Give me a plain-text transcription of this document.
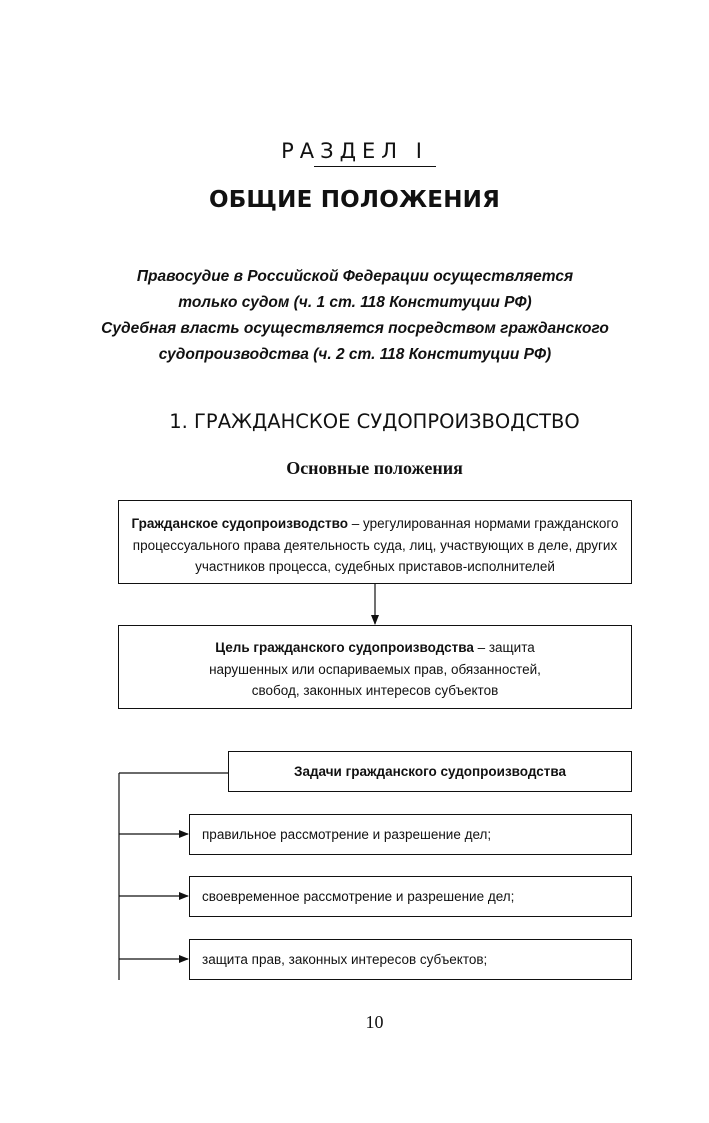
РАЗДЕЛ I
ОБЩИЕ ПОЛОЖЕНИЯ
Правосудие в Российской Федерации осуществляется
только судом (ч. 1 ст. 118 Конституции РФ)
Судебная власть осуществляется посредством гражданского
судопроизводства (ч. 2 ст. 118 Конституции РФ)
1. ГРАЖДАНСКОЕ СУДОПРОИЗВОДСТВО
Основные положения
Гражданское судопроизводство – урегулированная нормами гражданского
процессуального права деятельность суда, лиц, участвующих в деле, других
участников процесса, судебных приставов-исполнителей
Цель гражданского судопроизводства – защита
нарушенных или оспариваемых прав, обязанностей,
свобод, законных интересов субъектов
Задачи гражданского судопроизводства
правильное рассмотрение и разрешение дел;
своевременное рассмотрение и разрешение дел;
защита прав, законных интересов субъектов;
10
